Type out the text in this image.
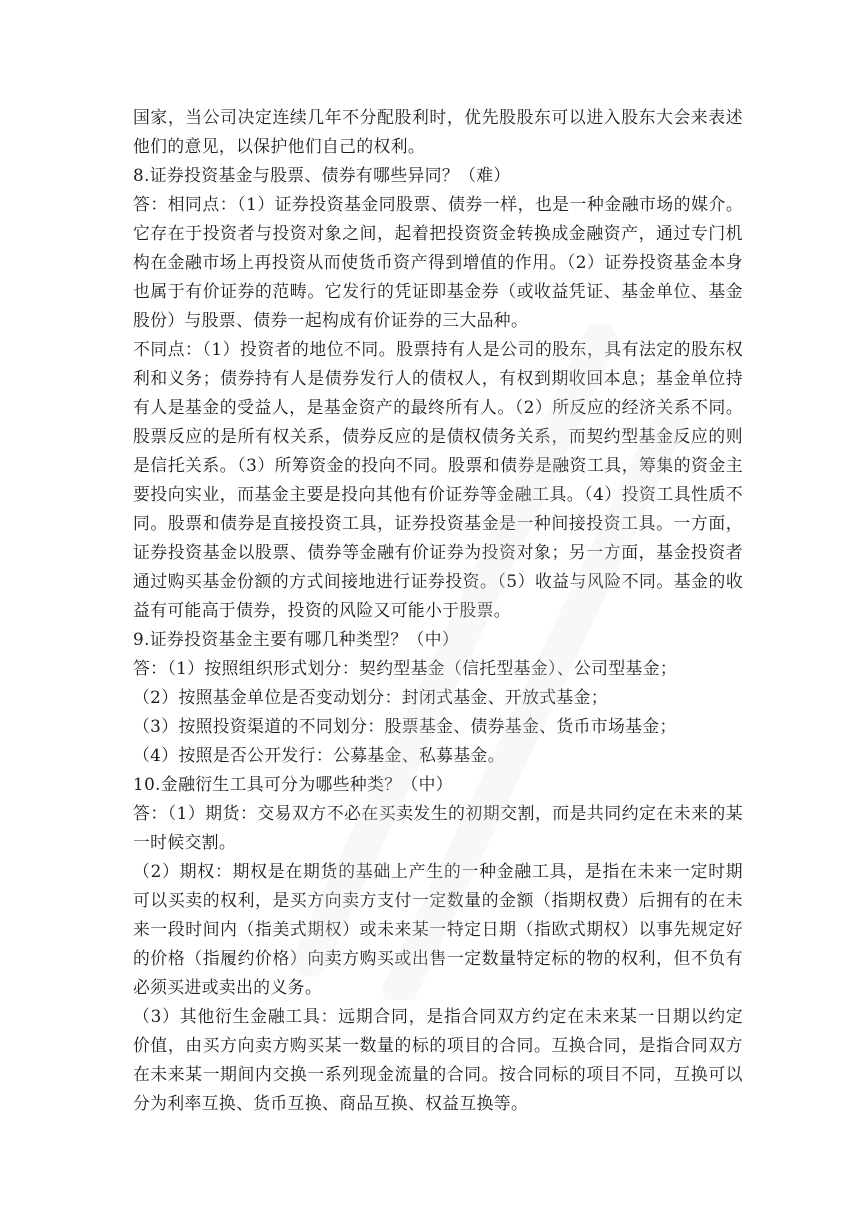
国家，当公司决定连续几年不分配股利时，优先股股东可以进入股东大会来表述他们的意见，以保护他们自己的权利。

8.证券投资基金与股票、债券有哪些异同？（难）

答：相同点：（1）证券投资基金同股票、债券一样，也是一种金融市场的媒介。它存在于投资者与投资对象之间，起着把投资资金转换成金融资产，通过专门机构在金融市场上再投资从而使货币资产得到增值的作用。（2）证券投资基金本身也属于有价证券的范畴。它发行的凭证即基金券（或收益凭证、基金单位、基金股份）与股票、债券一起构成有价证券的三大品种。

不同点：（1）投资者的地位不同。股票持有人是公司的股东，具有法定的股东权利和义务；债券持有人是债券发行人的债权人，有权到期收回本息；基金单位持有人是基金的受益人，是基金资产的最终所有人。（2）所反应的经济关系不同。股票反应的是所有权关系，债券反应的是债权债务关系，而契约型基金反应的则是信托关系。（3）所筹资金的投向不同。股票和债券是融资工具，筹集的资金主要投向实业，而基金主要是投向其他有价证券等金融工具。（4）投资工具性质不同。股票和债券是直接投资工具，证券投资基金是一种间接投资工具。一方面，证券投资基金以股票、债券等金融有价证券为投资对象；另一方面，基金投资者通过购买基金份额的方式间接地进行证券投资。（5）收益与风险不同。基金的收益有可能高于债券，投资的风险又可能小于股票。

9.证券投资基金主要有哪几种类型？（中）

答：（1）按照组织形式划分：契约型基金（信托型基金）、公司型基金；

（2）按照基金单位是否变动划分：封闭式基金、开放式基金；

（3）按照投资渠道的不同划分：股票基金、债券基金、货币市场基金；

（4）按照是否公开发行：公募基金、私募基金。

10.金融衍生工具可分为哪些种类？（中）

答：（1）期货：交易双方不必在买卖发生的初期交割，而是共同约定在未来的某一时候交割。

（2）期权：期权是在期货的基础上产生的一种金融工具，是指在未来一定时期可以买卖的权利，是买方向卖方支付一定数量的金额（指期权费）后拥有的在未来一段时间内（指美式期权）或未来某一特定日期（指欧式期权）以事先规定好的价格（指履约价格）向卖方购买或出售一定数量特定标的物的权利，但不负有必须买进或卖出的义务。

（3）其他衍生金融工具：远期合同，是指合同双方约定在未来某一日期以约定价值，由买方向卖方购买某一数量的标的项目的合同。互换合同，是指合同双方在未来某一期间内交换一系列现金流量的合同。按合同标的项目不同，互换可以分为利率互换、货币互换、商品互换、权益互换等。
